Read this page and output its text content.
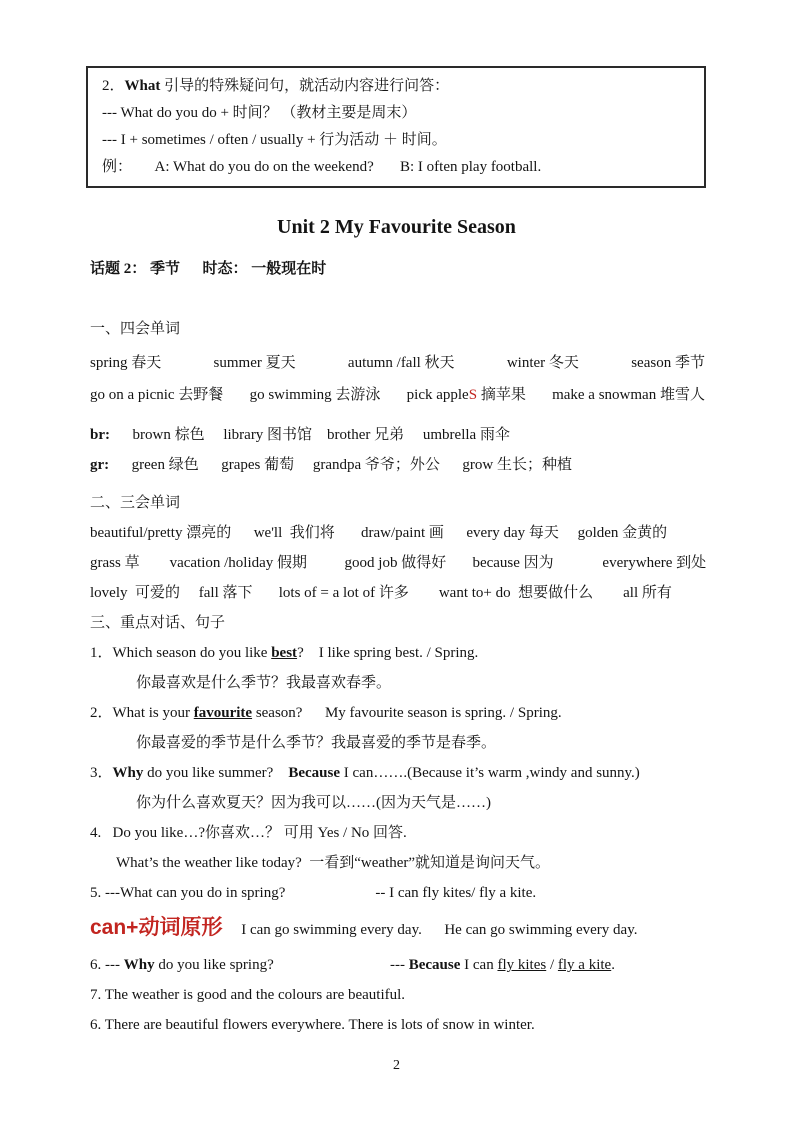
2．What 引导的特殊疑问句，就活动内容进行问答：

--- What do you do + 时间？ （教材主要是周末）

--- I + sometimes / often / usually + 行为活动 ＋ 时间。

例：      A: What do you do on the weekend?       B: I often play football.

Unit 2 My Favourite Season

话题 2： 季节      时态： 一般现在时

一、四会单词

spring 春天	summer 夏天	autumn /fall 秋天	winter 冬天	season 季节
go on a picnic 去野餐 go swimming 去游泳 pick appleS 摘苹果 make a snowman 堆雪人

br:      brown 棕色     library 图书馆    brother 兄弟     umbrella 雨伞

gr:      green 绿色      grapes 葡萄     grandpa 爷爷；外公      grow 生长；种植

二、三会单词

beautiful/pretty 漂亮的      we'll  我们将       draw/paint 画      every day 每天     golden 金黄的

grass 草        vacation /holiday 假期          good job 做得好       because 因为             everywhere 到处

lovely  可爱的     fall 落下       lots of = a lot of 许多        want to+ do  想要做什么        all 所有

三、重点对话、句子

1．Which season do you like best?    I like spring best. / Spring.

你最喜欢是什么季节？我最喜欢春季。

2．What is your favourite season?      My favourite season is spring. / Spring.

你最喜爱的季节是什么季节？我最喜爱的季节是春季。

3．Why do you like summer?    Because I can…….(Because it’s warm ,windy and sunny.)

你为什么喜欢夏天？因为我可以……(因为天气是……)

4.   Do you like…?你喜欢…？ 可用 Yes / No 回答.

What’s the weather like today?  一看到“weather”就知道是询问天气。

5. ---What can you do in spring?                        -- I can fly kites/ fly a kite.

can+动词原形     I can go swimming every day.      He can go swimming every day.

6. --- Why do you like spring?                               --- Because I can fly kites / fly a kite.

7. The weather is good and the colours are beautiful.

6. There are beautiful flowers everywhere. There is lots of snow in winter.

2
